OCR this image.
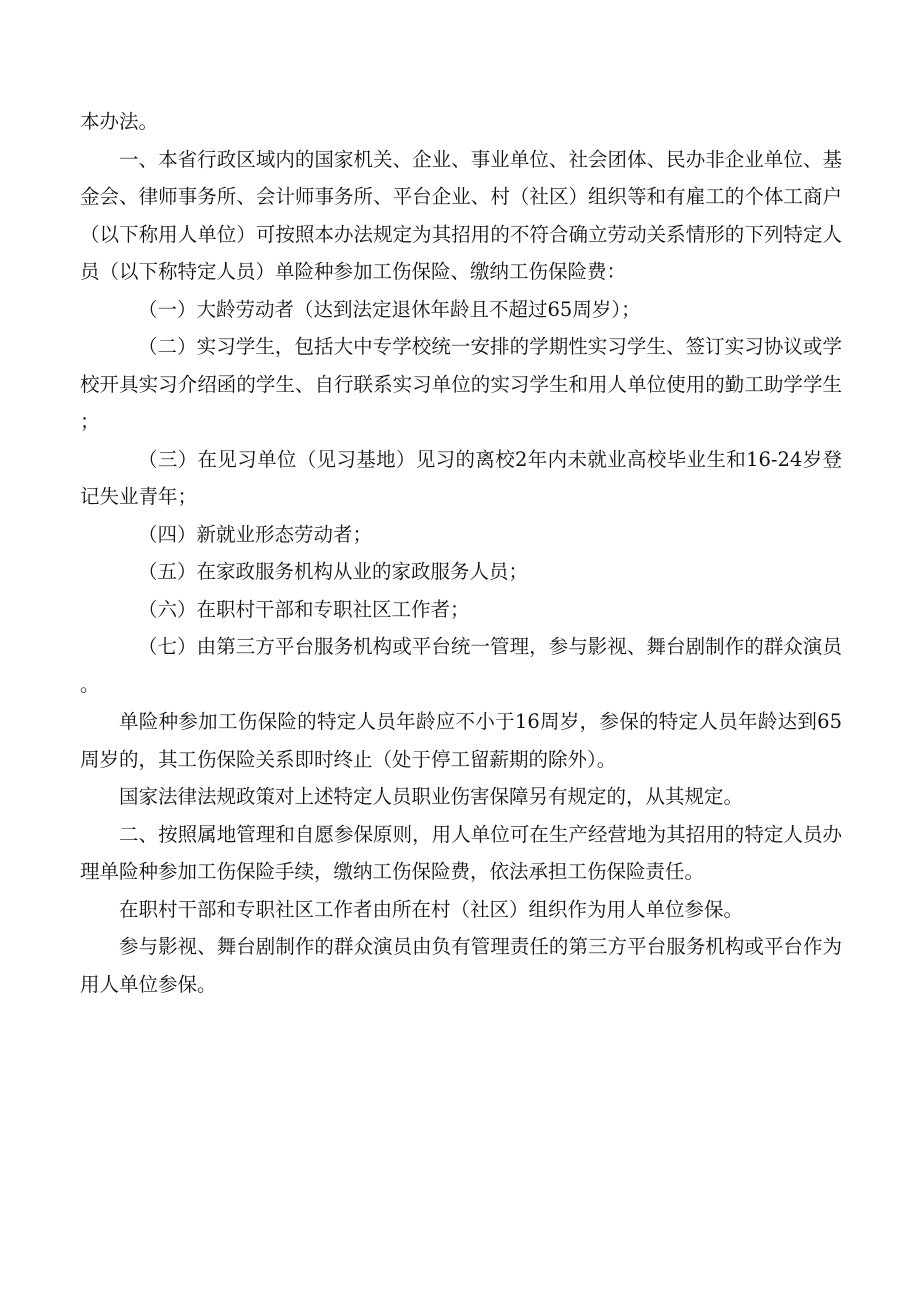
本办法。

一、本省行政区域内的国家机关、企业、事业单位、社会团体、民办非企业单位、基金会、律师事务所、会计师事务所、平台企业、村（社区）组织等和有雇工的个体工商户（以下称用人单位）可按照本办法规定为其招用的不符合确立劳动关系情形的下列特定人员（以下称特定人员）单险种参加工伤保险、缴纳工伤保险费：

（一）大龄劳动者（达到法定退休年龄且不超过65周岁）；

（二）实习学生，包括大中专学校统一安排的学期性实习学生、签订实习协议或学校开具实习介绍函的学生、自行联系实习单位的实习学生和用人单位使用的勤工助学学生；

（三）在见习单位（见习基地）见习的离校2年内未就业高校毕业生和16-24岁登记失业青年；

（四）新就业形态劳动者；

（五）在家政服务机构从业的家政服务人员；

（六）在职村干部和专职社区工作者；

（七）由第三方平台服务机构或平台统一管理，参与影视、舞台剧制作的群众演员。

单险种参加工伤保险的特定人员年龄应不小于16周岁，参保的特定人员年龄达到65周岁的，其工伤保险关系即时终止（处于停工留薪期的除外）。

国家法律法规政策对上述特定人员职业伤害保障另有规定的，从其规定。

二、按照属地管理和自愿参保原则，用人单位可在生产经营地为其招用的特定人员办理单险种参加工伤保险手续，缴纳工伤保险费，依法承担工伤保险责任。

在职村干部和专职社区工作者由所在村（社区）组织作为用人单位参保。

参与影视、舞台剧制作的群众演员由负有管理责任的第三方平台服务机构或平台作为用人单位参保。
